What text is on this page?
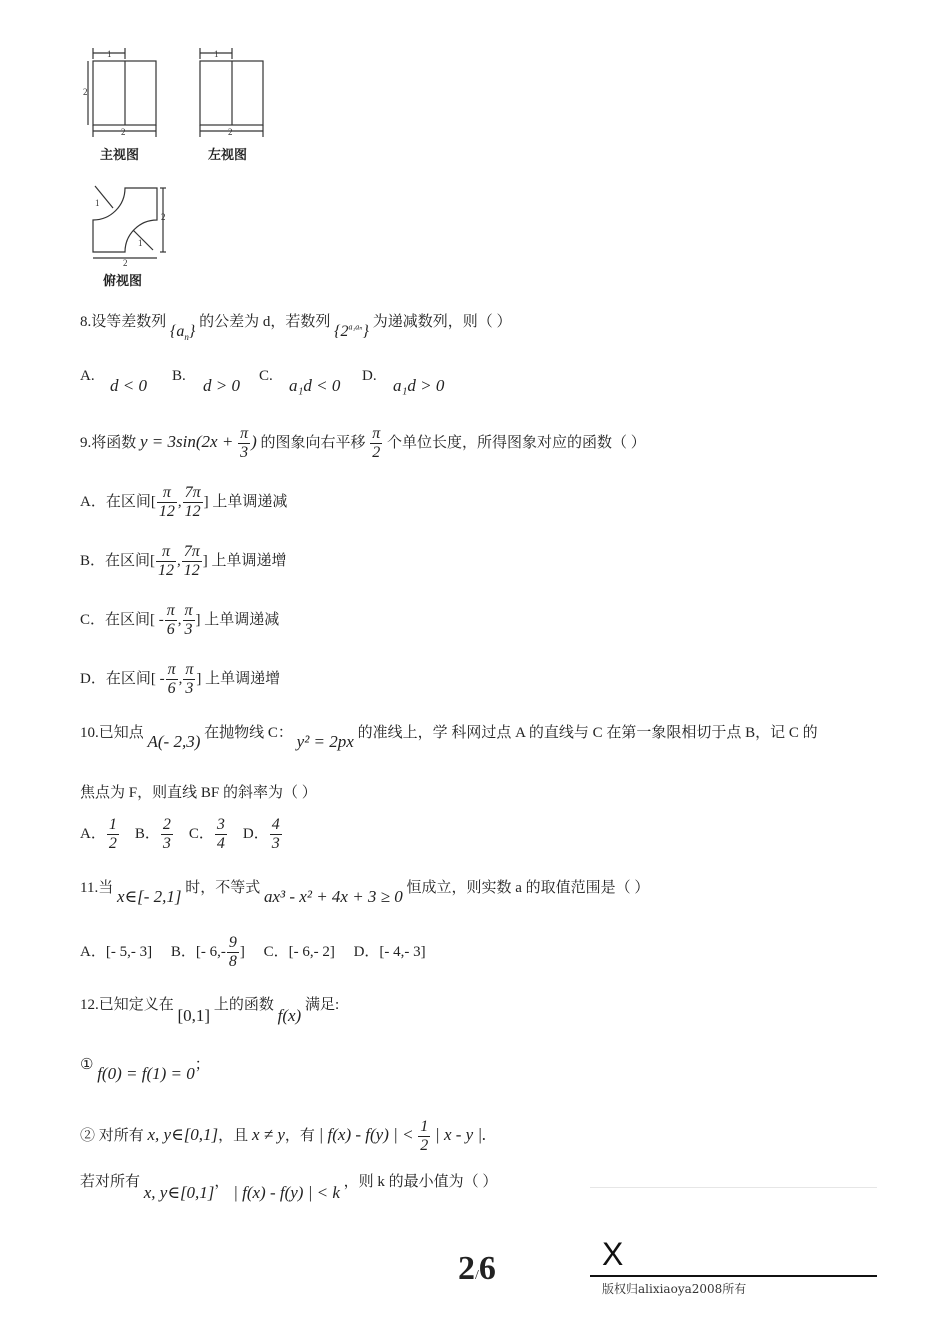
1
2
2
主视图
1
2
左视图
1
1
2
2
俯视图
8.设等差数列 $\{a_n\}$ 的公差为 d，若数列 $\{2^{a_1a_n}\}$ 为递减数列，则（ ）
A. d < 0 B. d > 0 C. a₁d < 0 D. a₁d > 0
9.将函数 $y = 3\sin(2x + \frac{\pi}{3}$ ) 的图象向右平移 $\frac{\pi}{2}$ 个单位长度，所得图象对应的函数（ ）
A．在区间[ $\frac{\pi}{12}$ , $\frac{7\pi}{12}$ ] 上单调递减
B．在区间[ $\frac{\pi}{12}$ , $\frac{7\pi}{12}$ ] 上单调递增
C．在区间[ - $\frac{\pi}{6}$ , $\frac{\pi}{3}$ ] 上单调递减
D．在区间[ - $\frac{\pi}{6}$ , $\frac{\pi}{3}$ ] 上单调递增
10.已知点 A(- 2,3) 在抛物线 C： y² = 2px 的准线上，学 科网过点 A 的直线与 C 在第一象限相切于点 B，记 C 的
焦点为 F，则直线 BF 的斜率为（ ）
A． $\frac{1}{2}$ B． $\frac{2}{3}$ C． $\frac{3}{4}$ D． $\frac{4}{3}$
11.当 x∈[- 2,1] 时，不等式 ax³ - x² + 4x + 3 ≥ 0 恒成立，则实数 a 的取值范围是（ ）
A．[- 5,- 3] B．[- $6,- \frac{9}{8}$ ] C．[- 6,- 2] D．[- 4,- 3]
12.已知定义在 [0,1] 上的函数 f(x) 满足:
① f(0) = f(1) = 0；
② 对所有 x, y∈[0,1]，且 x ≠ y，有 | f(x) - f(y) | < $\frac{1}{2}$ | x - y |.
若对所有 x, y∈[0,1]， | f(x) - f(y) | < k ，则 k 的最小值为（ ）
2/6	X
版权归alixiaoya2008所有
